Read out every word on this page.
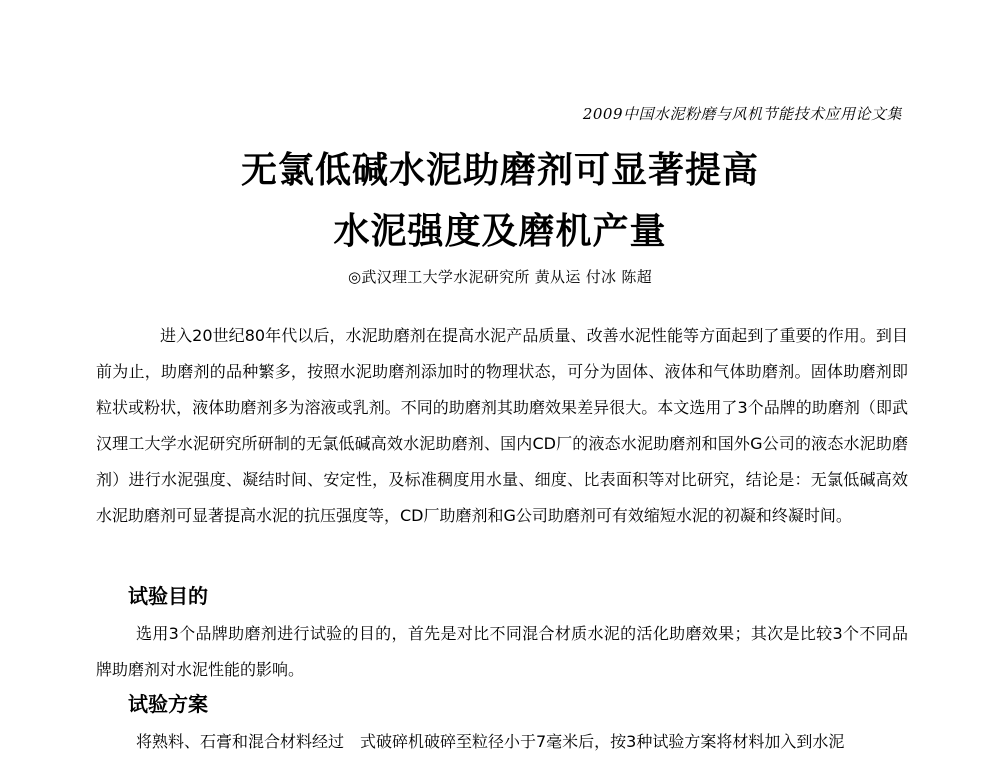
2009中国水泥粉磨与风机节能技术应用论文集
无氯低碱水泥助磨剂可显著提高
水泥强度及磨机产量
◎武汉理工大学水泥研究所 黄从运 付冰 陈超
进入20世纪80年代以后，水泥助磨剂在提高水泥产品质量、改善水泥性能等方面起到了重要的作用。到目前为止，助磨剂的品种繁多，按照水泥助磨剂添加时的物理状态，可分为固体、液体和气体助磨剂。固体助磨剂即粒状或粉状，液体助磨剂多为溶液或乳剂。不同的助磨剂其助磨效果差异很大。本文选用了3个品牌的助磨剂（即武汉理工大学水泥研究所研制的无氯低碱高效水泥助磨剂、国内CD厂的液态水泥助磨剂和国外G公司的液态水泥助磨剂）进行水泥强度、凝结时间、安定性，及标准稠度用水量、细度、比表面积等对比研究，结论是：无氯低碱高效水泥助磨剂可显著提高水泥的抗压强度等，CD厂助磨剂和G公司助磨剂可有效缩短水泥的初凝和终凝时间。
试验目的
选用3个品牌助磨剂进行试验的目的，首先是对比不同混合材质水泥的活化助磨效果；其次是比较3个不同品牌助磨剂对水泥性能的影响。
试验方案
将熟料、石膏和混合材料经过　式破碎机破碎至粒径小于7毫米后，按3种试验方案将材料加入到水泥
